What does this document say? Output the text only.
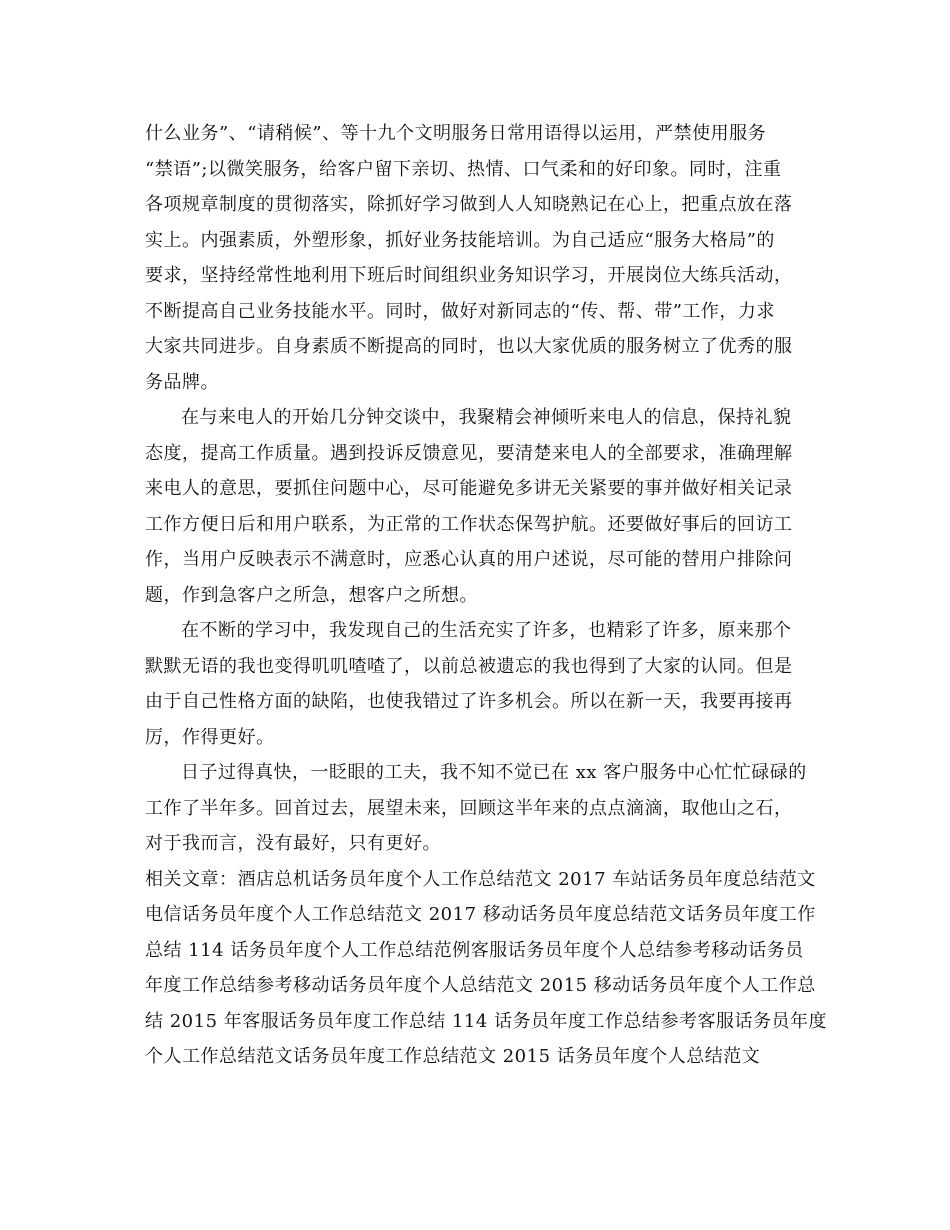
什么业务”、“请稍候”、等十九个文明服务日常用语得以运用，严禁使用服务
“禁语”;以微笑服务，给客户留下亲切、热情、口气柔和的好印象。同时，注重
各项规章制度的贯彻落实，除抓好学习做到人人知晓熟记在心上，把重点放在落
实上。内强素质，外塑形象，抓好业务技能培训。为自己适应“服务大格局”的
要求，坚持经常性地利用下班后时间组织业务知识学习，开展岗位大练兵活动，
不断提高自己业务技能水平。同时，做好对新同志的“传、帮、带”工作，力求
大家共同进步。自身素质不断提高的同时，也以大家优质的服务树立了优秀的服
务品牌。

在与来电人的开始几分钟交谈中，我聚精会神倾听来电人的信息，保持礼貌
态度，提高工作质量。遇到投诉反馈意见，要清楚来电人的全部要求，准确理解
来电人的意思，要抓住问题中心，尽可能避免多讲无关紧要的事并做好相关记录
工作方便日后和用户联系，为正常的工作状态保驾护航。还要做好事后的回访工
作，当用户反映表示不满意时，应悉心认真的用户述说，尽可能的替用户排除问
题，作到急客户之所急，想客户之所想。

在不断的学习中，我发现自己的生活充实了许多，也精彩了许多，原来那个
默默无语的我也变得叽叽喳喳了，以前总被遗忘的我也得到了大家的认同。但是
由于自己性格方面的缺陷，也使我错过了许多机会。所以在新一天，我要再接再
厉，作得更好。

日子过得真快，一眨眼的工夫，我不知不觉已在 xx 客户服务中心忙忙碌碌的
工作了半年多。回首过去，展望未来，回顾这半年来的点点滴滴，取他山之石，
对于我而言，没有最好，只有更好。

相关文章：酒店总机话务员年度个人工作总结范文 2017 车站话务员年度总结范文
电信话务员年度个人工作总结范文 2017 移动话务员年度总结范文话务员年度工作
总结 114 话务员年度个人工作总结范例客服话务员年度个人总结参考移动话务员
年度工作总结参考移动话务员年度个人总结范文 2015 移动话务员年度个人工作总
结 2015 年客服话务员年度工作总结 114 话务员年度工作总结参考客服话务员年度
个人工作总结范文话务员年度工作总结范文 2015 话务员年度个人总结范文
